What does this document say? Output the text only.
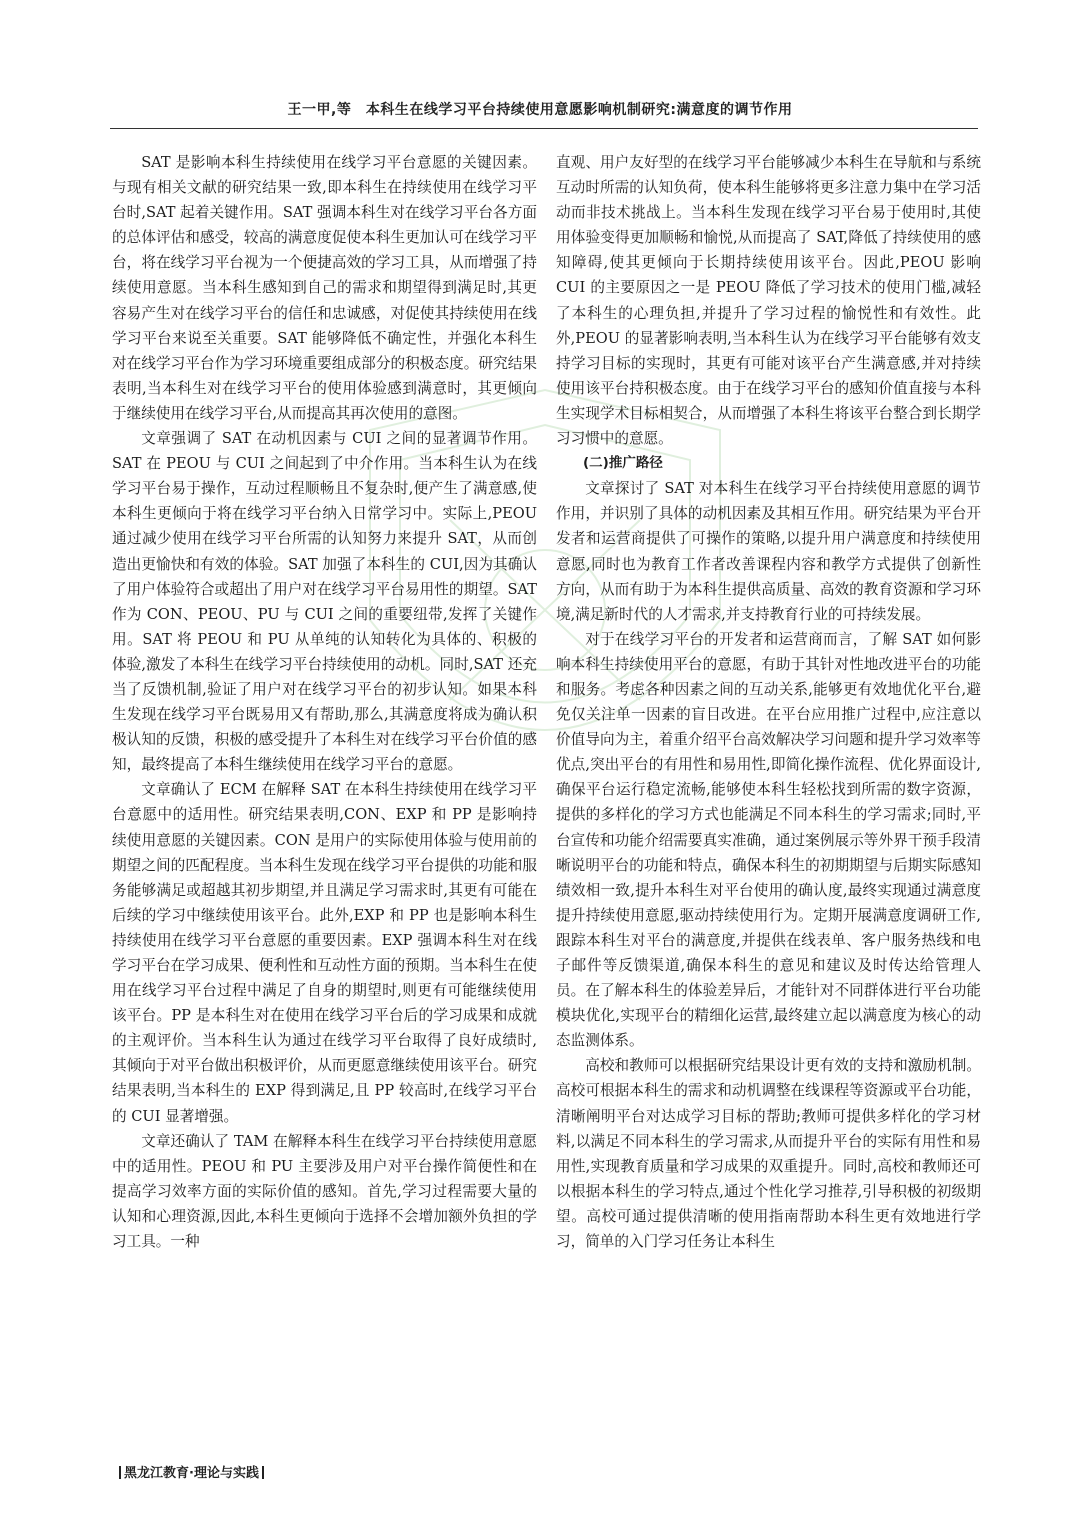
王一甲,等　本科生在线学习平台持续使用意愿影响机制研究:满意度的调节作用

SAT 是影响本科生持续使用在线学习平台意愿的关键因素。与现有相关文献的研究结果一致,即本科生在持续使用在线学习平台时,SAT 起着关键作用。SAT 强调本科生对在线学习平台各方面的总体评估和感受，较高的满意度促使本科生更加认可在线学习平台，将在线学习平台视为一个便捷高效的学习工具，从而增强了持续使用意愿。当本科生感知到自己的需求和期望得到满足时,其更容易产生对在线学习平台的信任和忠诚感，对促使其持续使用在线学习平台来说至关重要。SAT 能够降低不确定性，并强化本科生对在线学习平台作为学习环境重要组成部分的积极态度。研究结果表明,当本科生对在线学习平台的使用体验感到满意时，其更倾向于继续使用在线学习平台,从而提高其再次使用的意图。

文章强调了 SAT 在动机因素与 CUI 之间的显著调节作用。SAT 在 PEOU 与 CUI 之间起到了中介作用。当本科生认为在线学习平台易于操作，互动过程顺畅且不复杂时,便产生了满意感,使本科生更倾向于将在线学习平台纳入日常学习中。实际上,PEOU 通过减少使用在线学习平台所需的认知努力来提升 SAT，从而创造出更愉快和有效的体验。SAT 加强了本科生的 CUI,因为其确认了用户体验符合或超出了用户对在线学习平台易用性的期望。SAT 作为 CON、PEOU、PU 与 CUI 之间的重要纽带,发挥了关键作用。SAT 将 PEOU 和 PU 从单纯的认知转化为具体的、积极的体验,激发了本科生在线学习平台持续使用的动机。同时,SAT 还充当了反馈机制,验证了用户对在线学习平台的初步认知。如果本科生发现在线学习平台既易用又有帮助,那么,其满意度将成为确认积极认知的反馈，积极的感受提升了本科生对在线学习平台价值的感知，最终提高了本科生继续使用在线学习平台的意愿。

文章确认了 ECM 在解释 SAT 在本科生持续使用在线学习平台意愿中的适用性。研究结果表明,CON、EXP 和 PP 是影响持续使用意愿的关键因素。CON 是用户的实际使用体验与使用前的期望之间的匹配程度。当本科生发现在线学习平台提供的功能和服务能够满足或超越其初步期望,并且满足学习需求时,其更有可能在后续的学习中继续使用该平台。此外,EXP 和 PP 也是影响本科生持续使用在线学习平台意愿的重要因素。EXP 强调本科生对在线学习平台在学习成果、便利性和互动性方面的预期。当本科生在使用在线学习平台过程中满足了自身的期望时,则更有可能继续使用该平台。PP 是本科生对在使用在线学习平台后的学习成果和成就的主观评价。当本科生认为通过在线学习平台取得了良好成绩时,其倾向于对平台做出积极评价，从而更愿意继续使用该平台。研究结果表明,当本科生的 EXP 得到满足,且 PP 较高时,在线学习平台的 CUI 显著增强。

文章还确认了 TAM 在解释本科生在线学习平台持续使用意愿中的适用性。PEOU 和 PU 主要涉及用户对平台操作简便性和在提高学习效率方面的实际价值的感知。首先,学习过程需要大量的认知和心理资源,因此,本科生更倾向于选择不会增加额外负担的学习工具。一种

直观、用户友好型的在线学习平台能够减少本科生在导航和与系统互动时所需的认知负荷，使本科生能够将更多注意力集中在学习活动而非技术挑战上。当本科生发现在线学习平台易于使用时,其使用体验变得更加顺畅和愉悦,从而提高了 SAT,降低了持续使用的感知障碍,使其更倾向于长期持续使用该平台。因此,PEOU 影响 CUI 的主要原因之一是 PEOU 降低了学习技术的使用门槛,减轻了本科生的心理负担,并提升了学习过程的愉悦性和有效性。此外,PEOU 的显著影响表明,当本科生认为在线学习平台能够有效支持学习目标的实现时，其更有可能对该平台产生满意感,并对持续使用该平台持积极态度。由于在线学习平台的感知价值直接与本科生实现学术目标相契合，从而增强了本科生将该平台整合到长期学习习惯中的意愿。

(二)推广路径

文章探讨了 SAT 对本科生在线学习平台持续使用意愿的调节作用，并识别了具体的动机因素及其相互作用。研究结果为平台开发者和运营商提供了可操作的策略,以提升用户满意度和持续使用意愿,同时也为教育工作者改善课程内容和教学方式提供了创新性方向，从而有助于为本科生提供高质量、高效的教育资源和学习环境,满足新时代的人才需求,并支持教育行业的可持续发展。

对于在线学习平台的开发者和运营商而言，了解 SAT 如何影响本科生持续使用平台的意愿，有助于其针对性地改进平台的功能和服务。考虑各种因素之间的互动关系,能够更有效地优化平台,避免仅关注单一因素的盲目改进。在平台应用推广过程中,应注意以价值导向为主，着重介绍平台高效解决学习问题和提升学习效率等优点,突出平台的有用性和易用性,即简化操作流程、优化界面设计,确保平台运行稳定流畅,能够使本科生轻松找到所需的数字资源，提供的多样化的学习方式也能满足不同本科生的学习需求;同时,平台宣传和功能介绍需要真实准确，通过案例展示等外界干预手段清晰说明平台的功能和特点，确保本科生的初期期望与后期实际感知绩效相一致,提升本科生对平台使用的确认度,最终实现通过满意度提升持续使用意愿,驱动持续使用行为。定期开展满意度调研工作,跟踪本科生对平台的满意度,并提供在线表单、客户服务热线和电子邮件等反馈渠道,确保本科生的意见和建议及时传达给管理人员。在了解本科生的体验差异后，才能针对不同群体进行平台功能模块优化,实现平台的精细化运营,最终建立起以满意度为核心的动态监测体系。

高校和教师可以根据研究结果设计更有效的支持和激励机制。高校可根据本科生的需求和动机调整在线课程等资源或平台功能，清晰阐明平台对达成学习目标的帮助;教师可提供多样化的学习材料,以满足不同本科生的学习需求,从而提升平台的实际有用性和易用性,实现教育质量和学习成果的双重提升。同时,高校和教师还可以根据本科生的学习特点,通过个性化学习推荐,引导积极的初级期望。高校可通过提供清晰的使用指南帮助本科生更有效地进行学习，简单的入门学习任务让本科生

黑龙江教育·理论与实践
